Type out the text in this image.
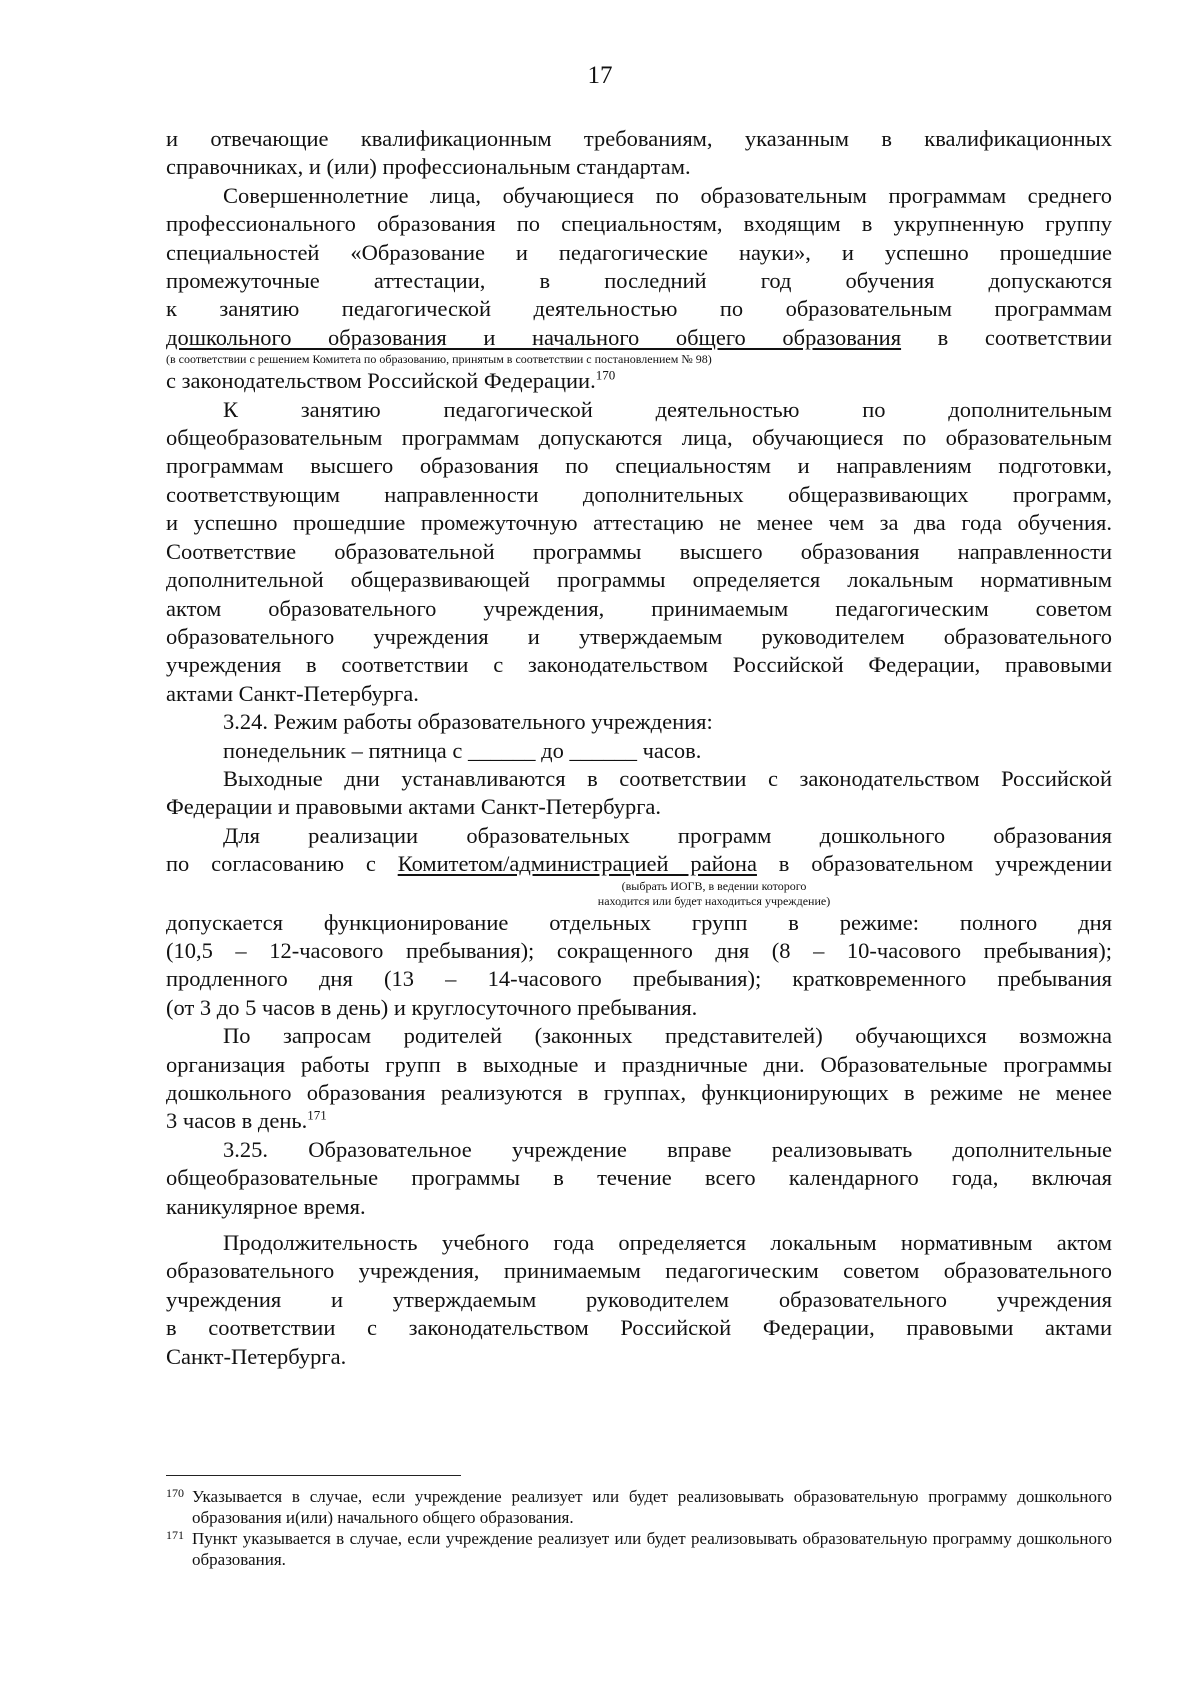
17

и отвечающие квалификационным требованиям, указанным в квалификационных

справочниках, и (или) профессиональным стандартам.

Совершеннолетние лица, обучающиеся по образовательным программам среднего

профессионального образования по специальностям, входящим в укрупненную группу

специальностей «Образование и педагогические науки», и успешно прошедшие

промежуточные аттестации, в последний год обучения допускаются

к занятию педагогической деятельностью по образовательным программам

дошкольного образования и начального общего образования в соответствии

(в соответствии с решением Комитета по образованию, принятым в соответствии с постановлением № 98)

с законодательством Российской Федерации.$^{170}$

К занятию педагогической деятельностью по дополнительным

общеобразовательным программам допускаются лица, обучающиеся по образовательным

программам высшего образования по специальностям и направлениям подготовки,

соответствующим направленности дополнительных общеразвивающих программ,

и успешно прошедшие промежуточную аттестацию не менее чем за два года обучения.

Соответствие образовательной программы высшего образования направленности

дополнительной общеразвивающей программы определяется локальным нормативным

актом образовательного учреждения, принимаемым педагогическим советом

образовательного учреждения и утверждаемым руководителем образовательного

учреждения в соответствии с законодательством Российской Федерации, правовыми

актами Санкт-Петербурга.

3.24. Режим работы образовательного учреждения:

понедельник – пятница с ______ до ______ часов.

Выходные дни устанавливаются в соответствии с законодательством Российской

Федерации и правовыми актами Санкт-Петербурга.

Для реализации образовательных программ дошкольного образования

по согласованию с Комитетом/администрацией района в образовательном учреждении

(выбрать ИОГВ, в ведении которого

находится или будет находиться учреждение)

допускается функционирование отдельных групп в режиме: полного дня

(10,5 – 12-часового пребывания); сокращенного дня (8 – 10-часового пребывания);

продленного дня (13 – 14-часового пребывания); кратковременного пребывания

(от 3 до 5 часов в день) и круглосуточного пребывания.

По запросам родителей (законных представителей) обучающихся возможна

организация работы групп в выходные и праздничные дни. Образовательные программы

дошкольного образования реализуются в группах, функционирующих в режиме не менее

3 часов в день.$^{171}$

3.25. Образовательное учреждение вправе реализовывать дополнительные

общеобразовательные программы в течение всего календарного года, включая

каникулярное время.

Продолжительность учебного года определяется локальным нормативным актом

образовательного учреждения, принимаемым педагогическим советом образовательного

учреждения и утверждаемым руководителем образовательного учреждения

в соответствии с законодательством Российской Федерации, правовыми актами

Санкт-Петербурга.

170 Указывается в случае, если учреждение реализует или будет реализовывать образовательную программу дошкольного образования и(или) начального общего образования.
171 Пункт указывается в случае, если учреждение реализует или будет реализовывать образовательную программу дошкольного образования.
